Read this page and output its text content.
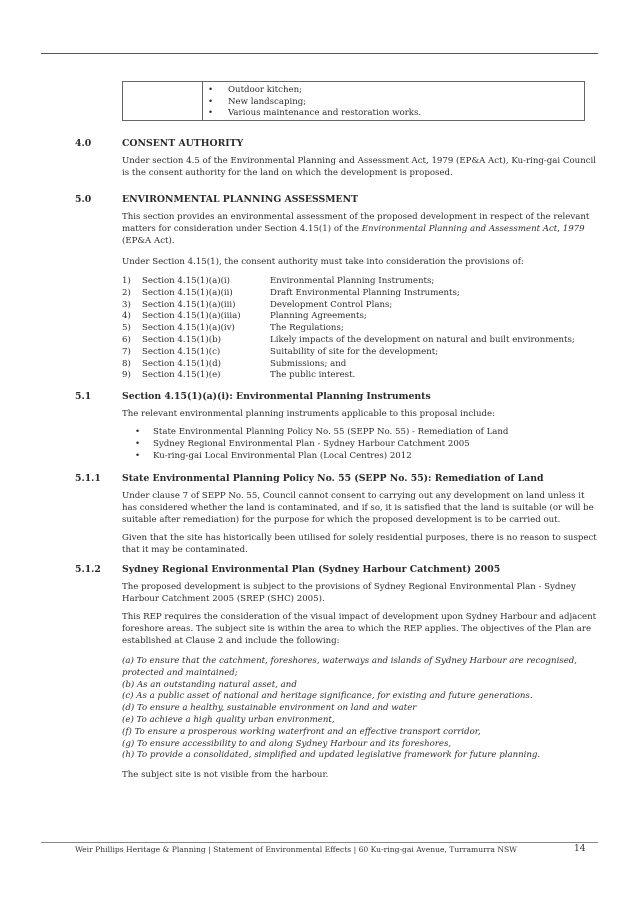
• Outdoor kitchen;
• New landscaping;
• Various maintenance and restoration works.
4.0	CONSENT AUTHORITY
Under section 4.5 of the Environmental Planning and Assessment Act, 1979 (EP&A Act), Ku-ring-gai Council
is the consent authority for the land on which the development is proposed.
5.0	ENVIRONMENTAL PLANNING ASSESSMENT
This section provides an environmental assessment of the proposed development in respect of the relevant
matters for consideration under Section 4.15(1) of the Environmental Planning and Assessment Act, 1979
(EP&A Act).
Under Section 4.15(1), the consent authority must take into consideration the provisions of:
1) Section 4.15(1)(a)(i)	Environmental Planning Instruments;
2) Section 4.15(1)(a)(ii)	Draft Environmental Planning Instruments;
3) Section 4.15(1)(a)(iii)	Development Control Plans;
4) Section 4.15(1)(a)(iiia)	Planning Agreements;
5) Section 4.15(1)(a)(iv)	The Regulations;
6) Section 4.15(1)(b)	Likely impacts of the development on natural and built environments;
7) Section 4.15(1)(c)	Suitability of site for the development;
8) Section 4.15(1)(d)	Submissions; and
9) Section 4.15(1)(e)	The public interest.
5.1	Section 4.15(1)(a)(i): Environmental Planning Instruments
The relevant environmental planning instruments applicable to this proposal include:
• State Environmental Planning Policy No. 55 (SEPP No. 55) - Remediation of Land
• Sydney Regional Environmental Plan - Sydney Harbour Catchment 2005
• Ku-ring-gai Local Environmental Plan (Local Centres) 2012
5.1.1 State Environmental Planning Policy No. 55 (SEPP No. 55): Remediation of Land
Under clause 7 of SEPP No. 55, Council cannot consent to carrying out any development on land unless it
has considered whether the land is contaminated, and if so, it is satisfied that the land is suitable (or will be
suitable after remediation) for the purpose for which the proposed development is to be carried out.
Given that the site has historically been utilised for solely residential purposes, there is no reason to suspect
that it may be contaminated.
5.1.2 Sydney Regional Environmental Plan (Sydney Harbour Catchment) 2005
The proposed development is subject to the provisions of Sydney Regional Environmental Plan - Sydney
Harbour Catchment 2005 (SREP (SHC) 2005).
This REP requires the consideration of the visual impact of development upon Sydney Harbour and adjacent
foreshore areas. The subject site is within the area to which the REP applies. The objectives of the Plan are
established at Clause 2 and include the following:
(a) To ensure that the catchment, foreshores, waterways and islands of Sydney Harbour are recognised,
protected and maintained;
(b) As an outstanding natural asset, and
(c) As a public asset of national and heritage significance, for existing and future generations.
(d) To ensure a healthy, sustainable environment on land and water
(e) To achieve a high quality urban environment,
(f) To ensure a prosperous working waterfront and an effective transport corridor,
(g) To ensure accessibility to and along Sydney Harbour and its foreshores,
(h) To provide a consolidated, simplified and updated legislative framework for future planning.
The subject site is not visible from the harbour.
Weir Phillips Heritage & Planning | Statement of Environmental Effects | 60 Ku-ring-gai Avenue, Turramurra NSW	14
